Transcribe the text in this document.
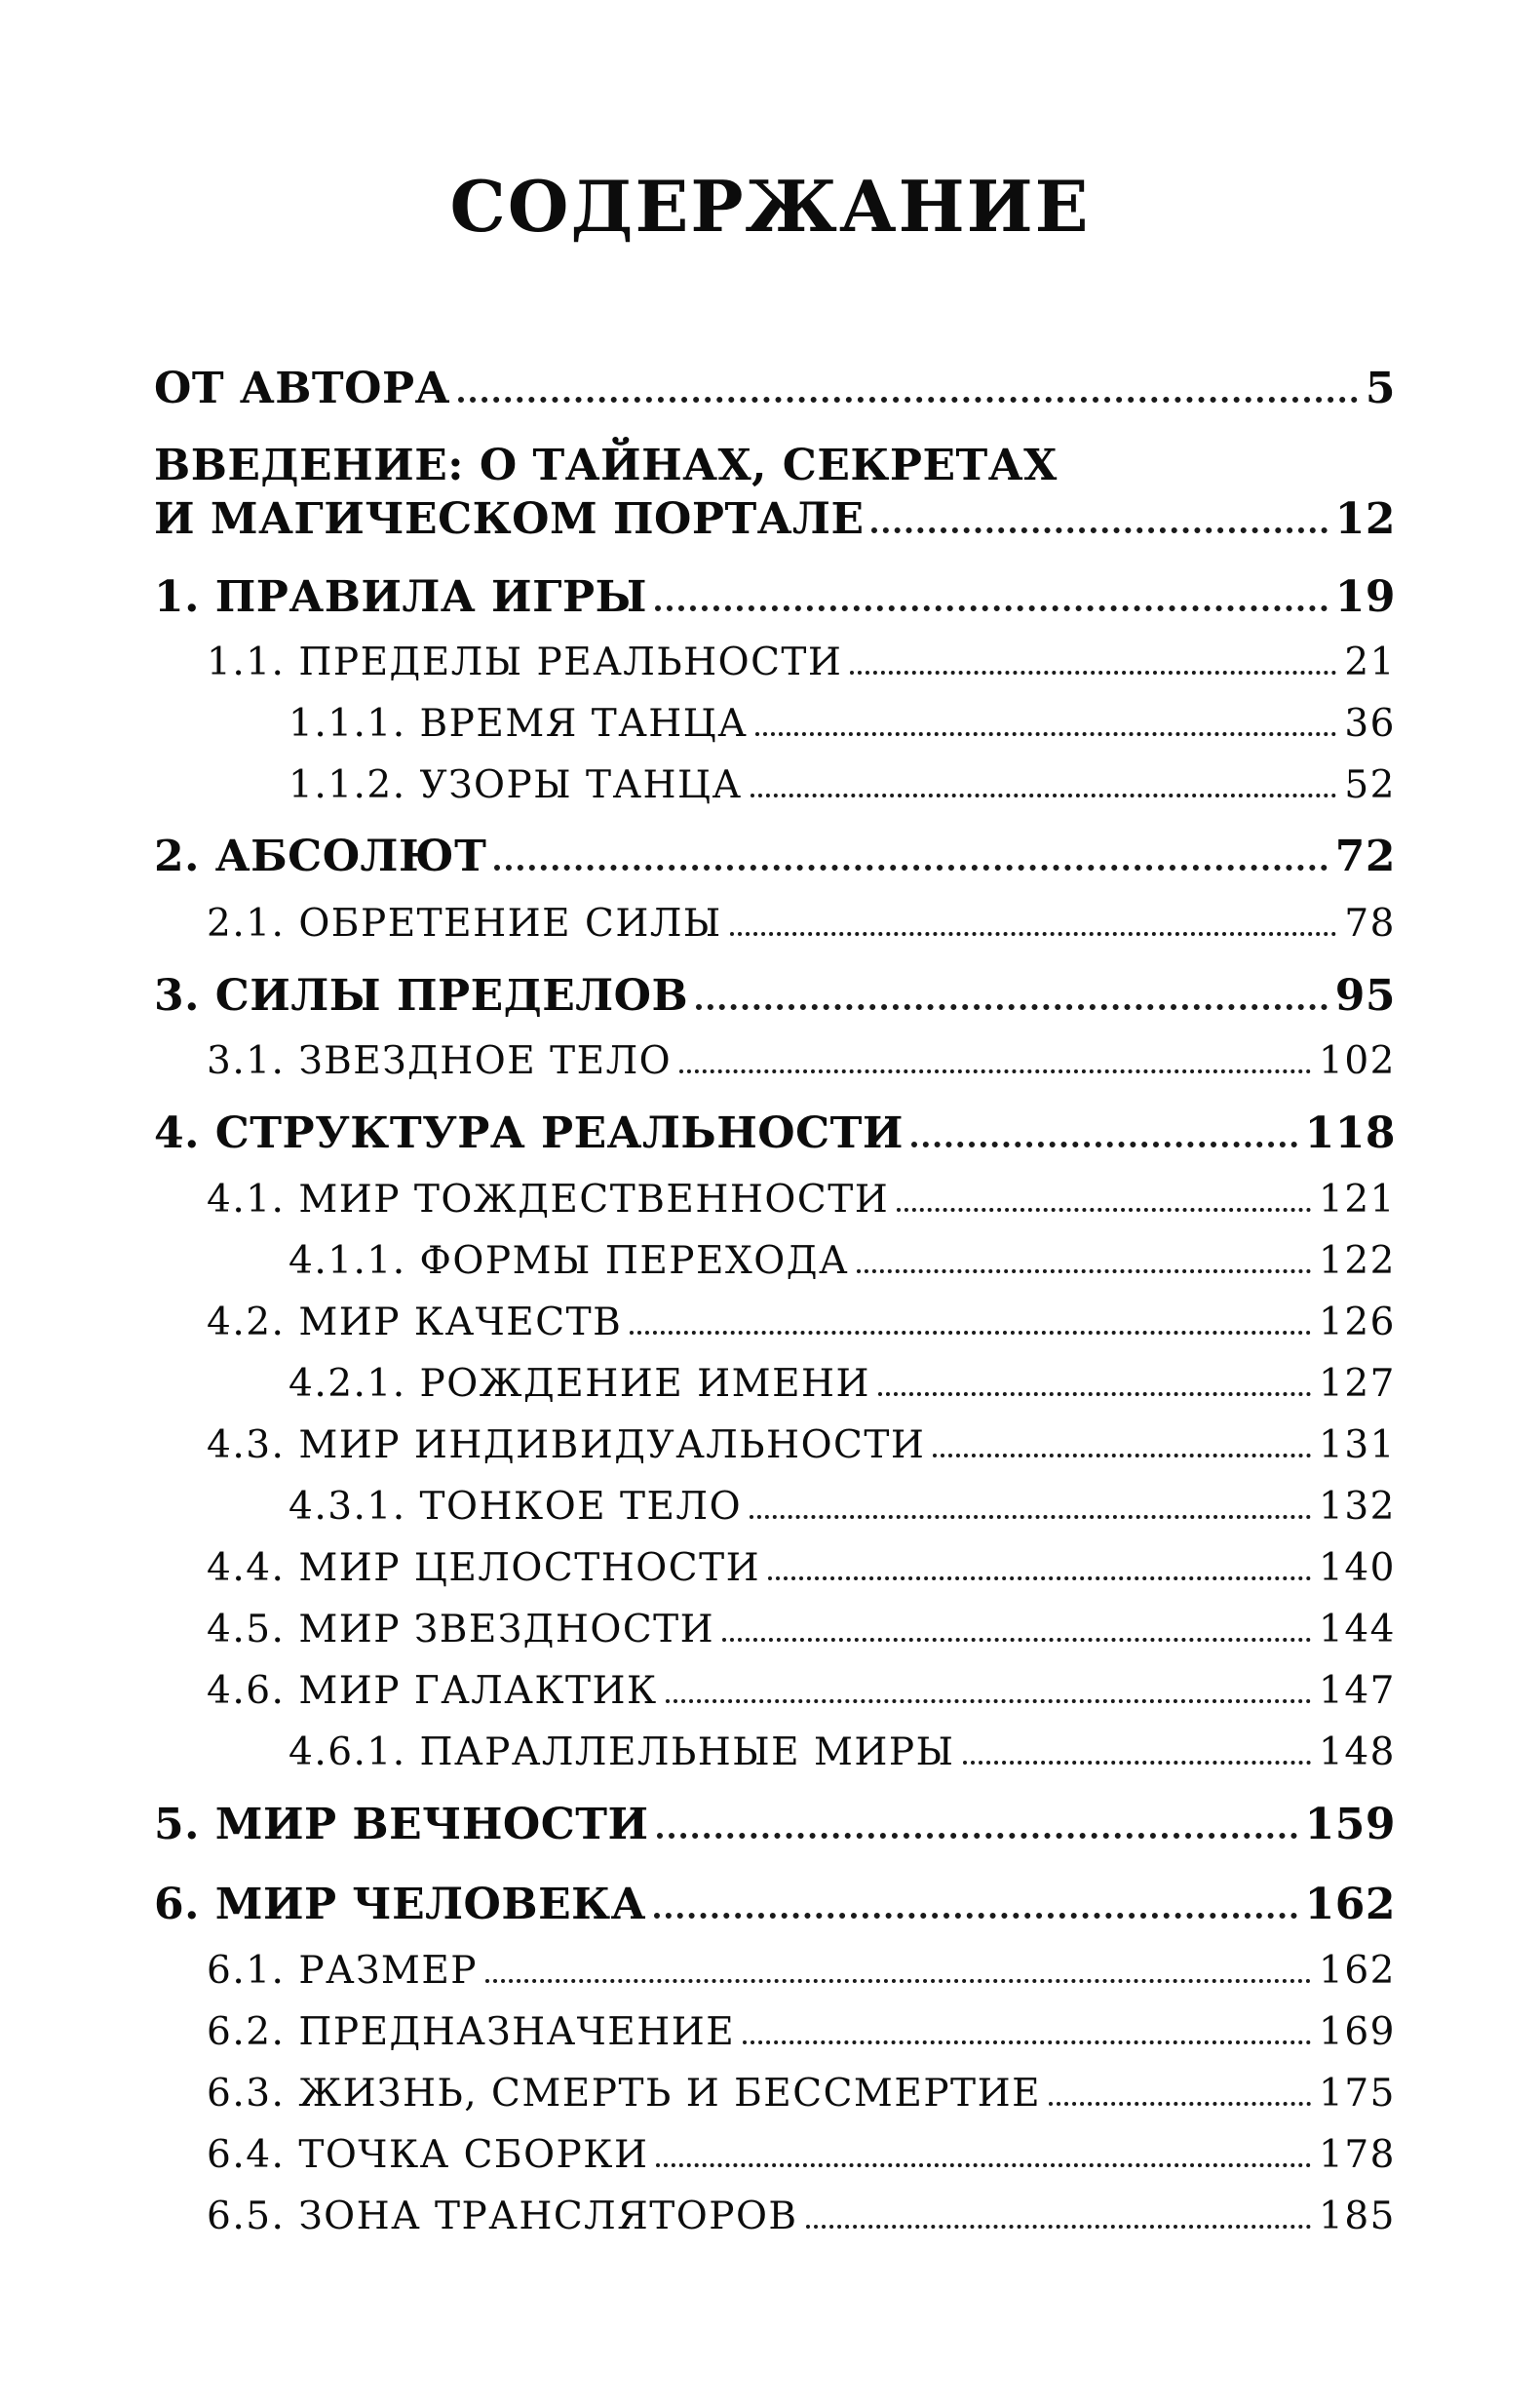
СОДЕРЖАНИЕ
ОТ АВТОРА	5
ВВЕДЕНИЕ: О ТАЙНАХ, СЕКРЕТАХ
И МАГИЧЕСКОМ ПОРТАЛЕ	12
1. ПРАВИЛА ИГРЫ	19
1.1. ПРЕДЕЛЫ РЕАЛЬНОСТИ	21
1.1.1. ВРЕМЯ ТАНЦА	36
1.1.2. УЗОРЫ ТАНЦА	52
2. АБСОЛЮТ	72
2.1. ОБРЕТЕНИЕ СИЛЫ	78
3. СИЛЫ ПРЕДЕЛОВ	95
3.1. ЗВЕЗДНОЕ ТЕЛО	102
4. СТРУКТУРА РЕАЛЬНОСТИ	118
4.1. МИР ТОЖДЕСТВЕННОСТИ	121
4.1.1. ФОРМЫ ПЕРЕХОДА	122
4.2. МИР КАЧЕСТВ	126
4.2.1. РОЖДЕНИЕ ИМЕНИ	127
4.3. МИР ИНДИВИДУАЛЬНОСТИ	131
4.3.1. ТОНКОЕ ТЕЛО	132
4.4. МИР ЦЕЛОСТНОСТИ	140
4.5. МИР ЗВЕЗДНОСТИ	144
4.6. МИР ГАЛАКТИК	147
4.6.1. ПАРАЛЛЕЛЬНЫЕ МИРЫ	148
5. МИР ВЕЧНОСТИ	159
6. МИР ЧЕЛОВЕКА	162
6.1. РАЗМЕР	162
6.2. ПРЕДНАЗНАЧЕНИЕ	169
6.3. ЖИЗНЬ, СМЕРТЬ И БЕССМЕРТИЕ	175
6.4. ТОЧКА СБОРКИ	178
6.5. ЗОНА ТРАНСЛЯТОРОВ	185
